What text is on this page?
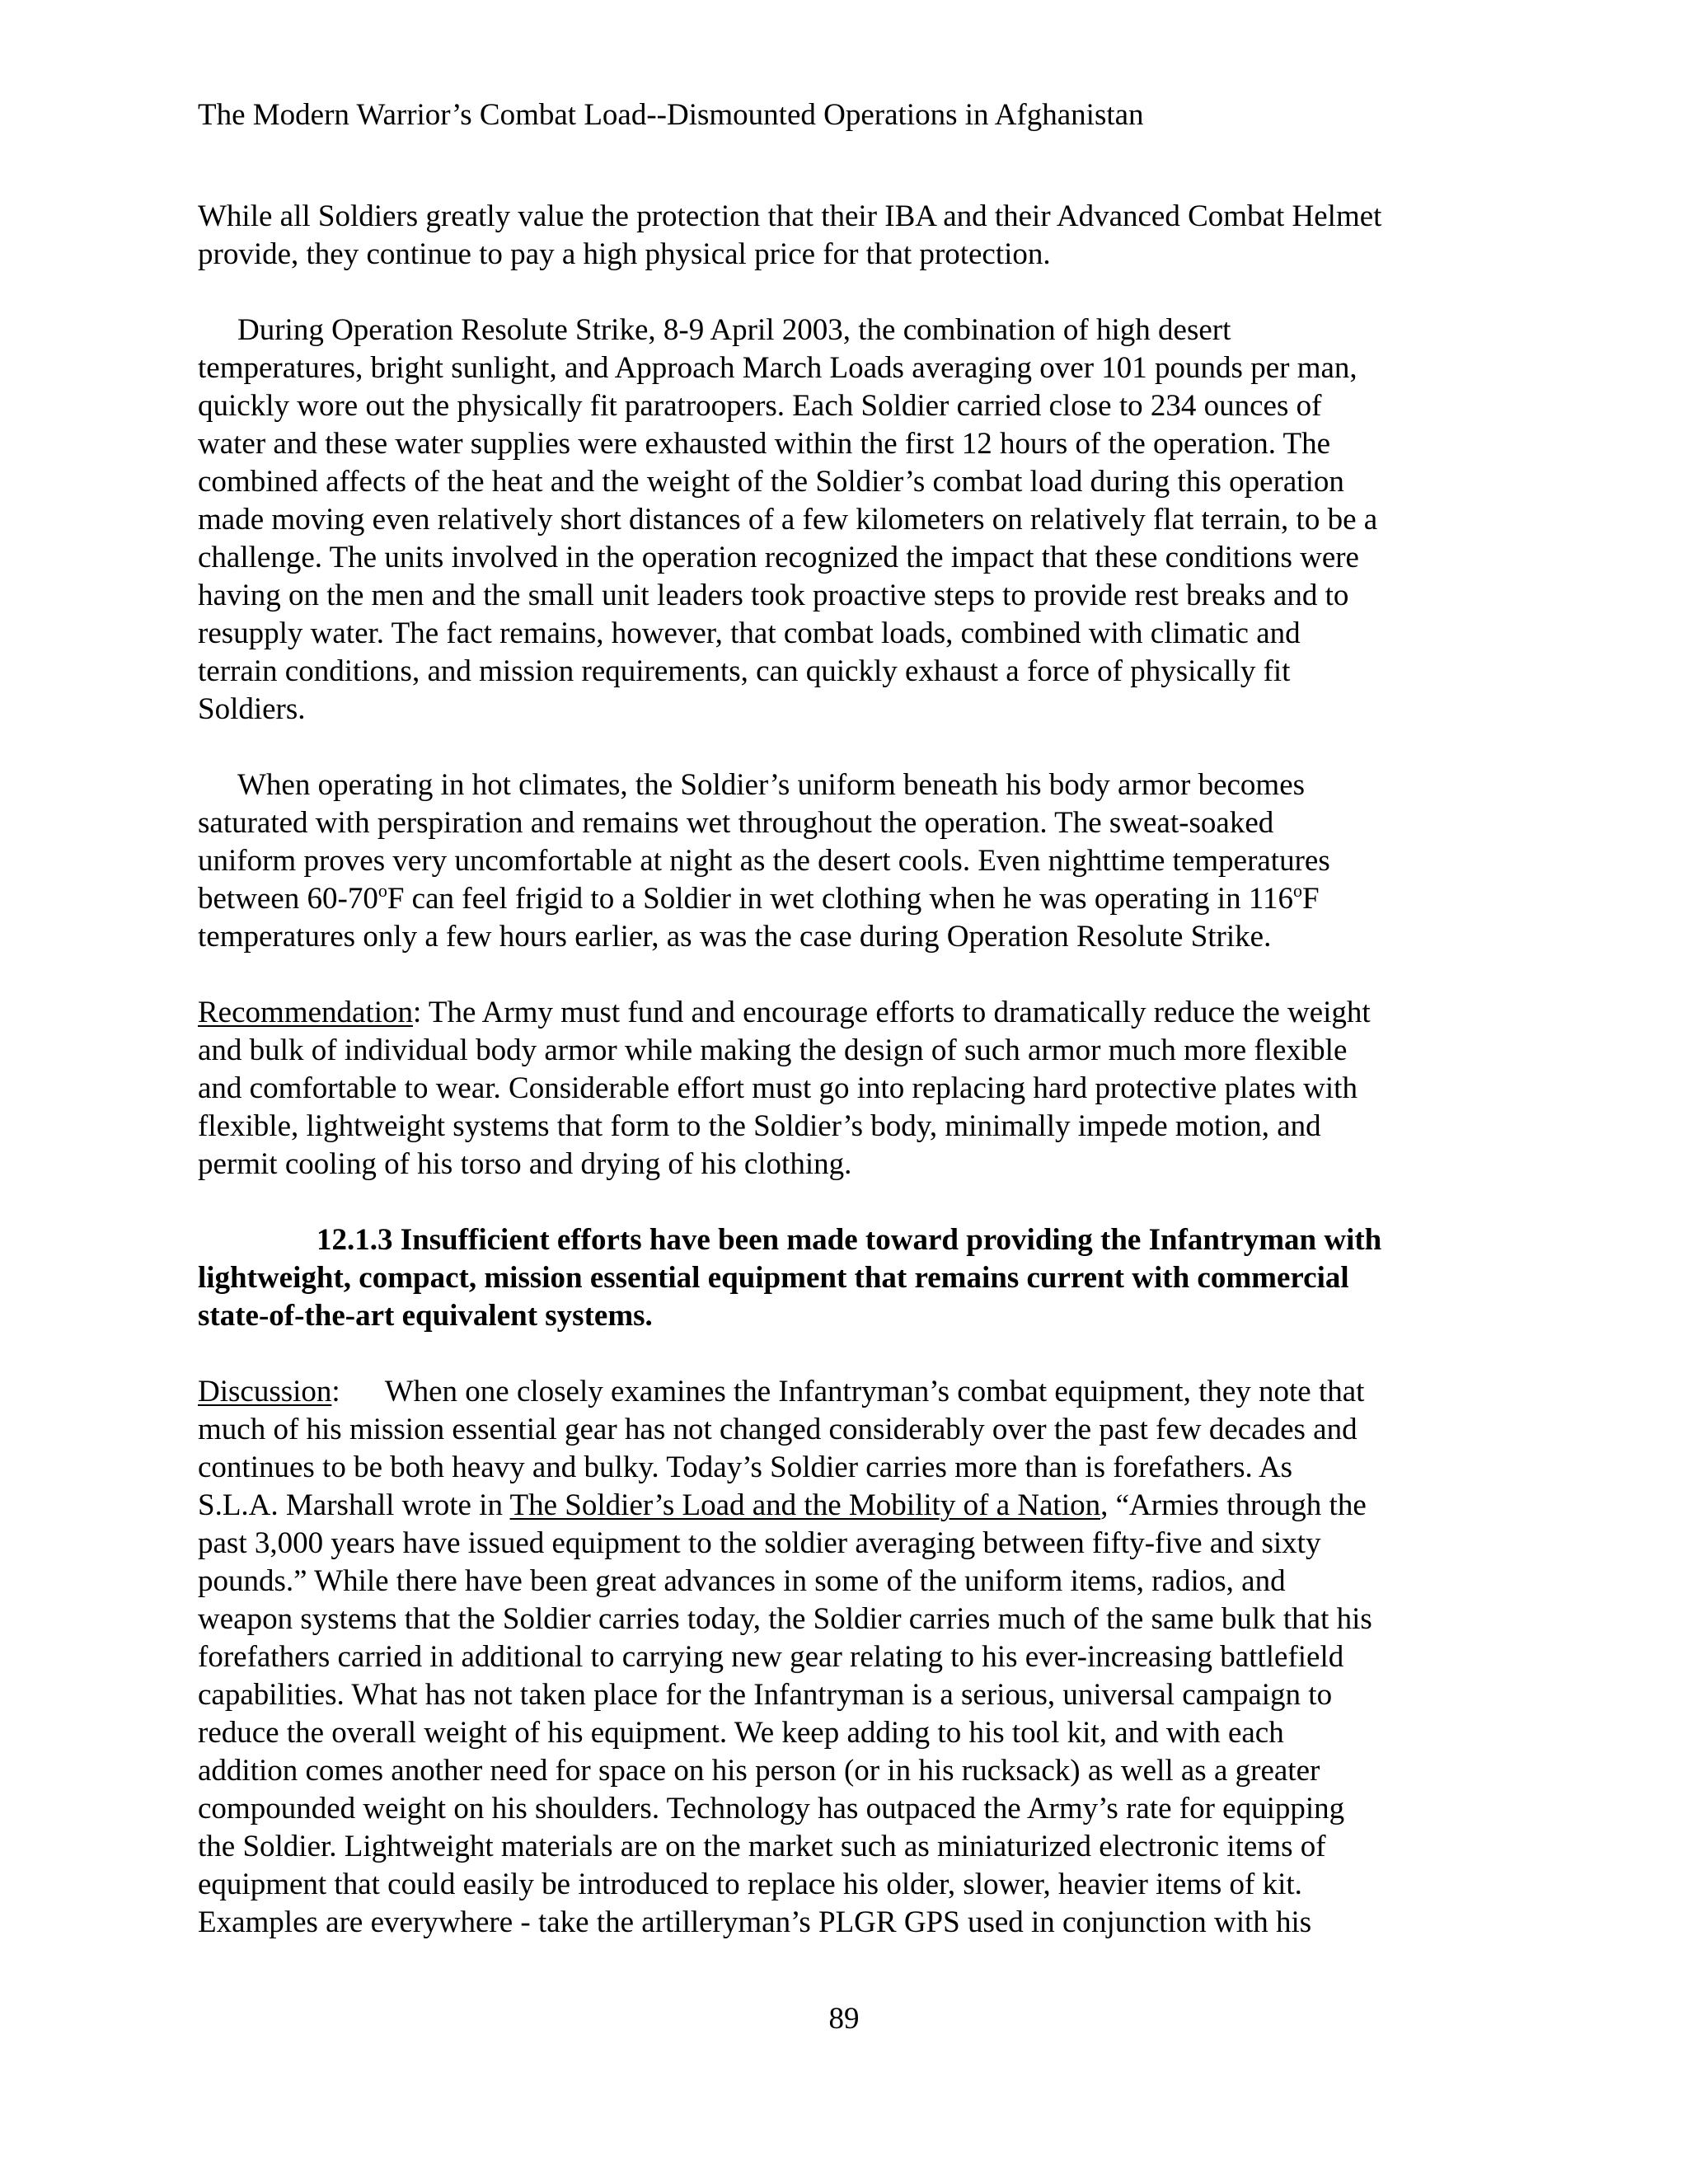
The Modern Warrior’s Combat Load--Dismounted Operations in Afghanistan
While all Soldiers greatly value the protection that their IBA and their Advanced Combat Helmet
provide, they continue to pay a high physical price for that protection.
During Operation Resolute Strike, 8-9 April 2003, the combination of high desert
temperatures, bright sunlight, and Approach March Loads averaging over 101 pounds per man,
quickly wore out the physically fit paratroopers. Each Soldier carried close to 234 ounces of
water and these water supplies were exhausted within the first 12 hours of the operation. The
combined affects of the heat and the weight of the Soldier’s combat load during this operation
made moving even relatively short distances of a few kilometers on relatively flat terrain, to be a
challenge. The units involved in the operation recognized the impact that these conditions were
having on the men and the small unit leaders took proactive steps to provide rest breaks and to
resupply water. The fact remains, however, that combat loads, combined with climatic and
terrain conditions, and mission requirements, can quickly exhaust a force of physically fit
Soldiers.
When operating in hot climates, the Soldier’s uniform beneath his body armor becomes
saturated with perspiration and remains wet throughout the operation. The sweat-soaked
uniform proves very uncomfortable at night as the desert cools. Even nighttime temperatures
between 60-70$^o$F can feel frigid to a Soldier in wet clothing when he was operating in 116$^o$F
temperatures only a few hours earlier, as was the case during Operation Resolute Strike.
Recommendation: The Army must fund and encourage efforts to dramatically reduce the weight
and bulk of individual body armor while making the design of such armor much more flexible
and comfortable to wear. Considerable effort must go into replacing hard protective plates with
flexible, lightweight systems that form to the Soldier’s body, minimally impede motion, and
permit cooling of his torso and drying of his clothing.
12.1.3 Insufficient efforts have been made toward providing the Infantryman with
lightweight, compact, mission essential equipment that remains current with commercial
state-of-the-art equivalent systems.
Discussion: When one closely examines the Infantryman’s combat equipment, they note that
much of his mission essential gear has not changed considerably over the past few decades and
continues to be both heavy and bulky. Today’s Soldier carries more than is forefathers. As
S.L.A. Marshall wrote in The Soldier’s Load and the Mobility of a Nation, “Armies through the
past 3,000 years have issued equipment to the soldier averaging between fifty-five and sixty
pounds.” While there have been great advances in some of the uniform items, radios, and
weapon systems that the Soldier carries today, the Soldier carries much of the same bulk that his
forefathers carried in additional to carrying new gear relating to his ever-increasing battlefield
capabilities. What has not taken place for the Infantryman is a serious, universal campaign to
reduce the overall weight of his equipment. We keep adding to his tool kit, and with each
addition comes another need for space on his person (or in his rucksack) as well as a greater
compounded weight on his shoulders. Technology has outpaced the Army’s rate for equipping
the Soldier. Lightweight materials are on the market such as miniaturized electronic items of
equipment that could easily be introduced to replace his older, slower, heavier items of kit.
Examples are everywhere - take the artilleryman’s PLGR GPS used in conjunction with his
89
